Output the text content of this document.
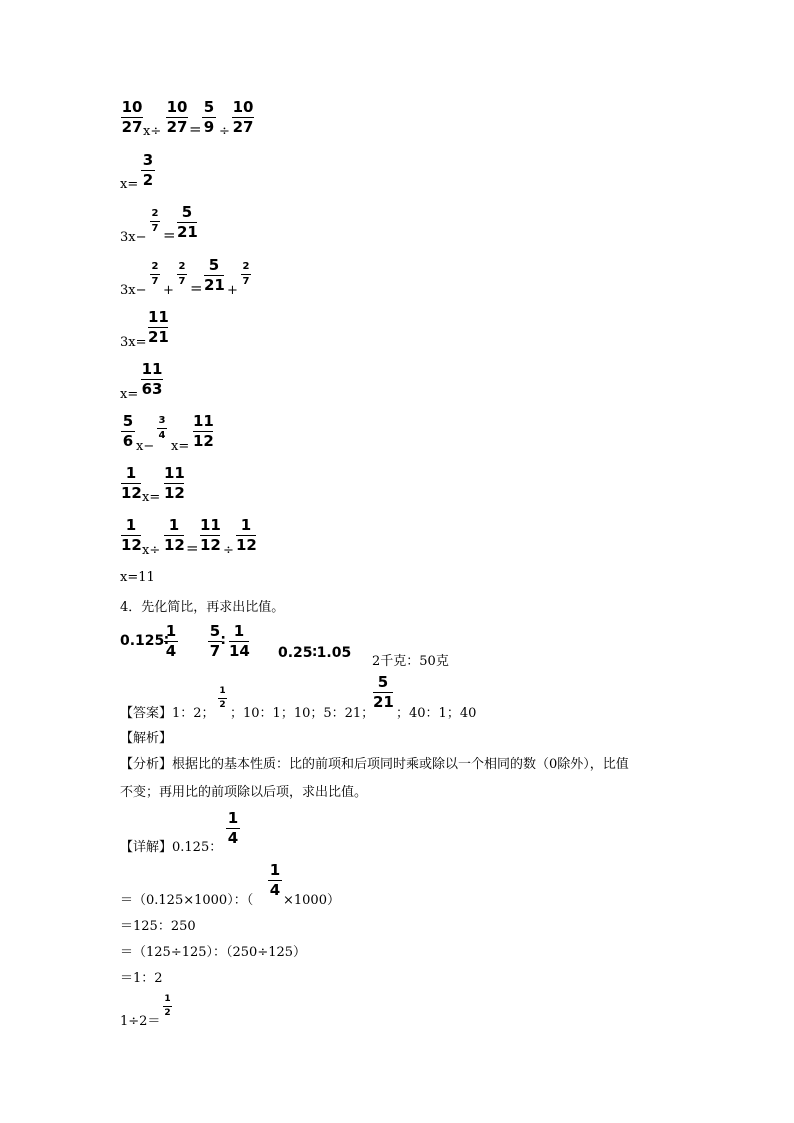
10
27 x÷
10
27 =
5
9 ÷
10
27
x=
3
2
3x−
2
7 =
5
21
3x−
2
7
+
2
7 =
5
21 +
2
7
3x=
11
21
x=
11
63
5
6 x−
3
4
x=
11
12
1
12 x=
11
12
1
12 x÷
1
12 =
11
12 ÷
1
12
x=11
4．先化简比，再求出比值。
0.125∶
1
4
5
7
∶
1
14 0.25∶1.05
2千克：50克
【答案】 1：2；
1
2
；10：1；10；5：21；
5
21
；40：1；40
【解析】
【分析】根据比的基本性质：比的前项和后项同时乘或除以一个相同的数（0除外），比值
不变；再用比的前项除以后项，求出比值。
【详解】 0.125：
1
4
＝（0.125×1000）：（
1
4
×1000）
＝125：250
＝（125÷125）：（250÷125）
＝1：2
1÷2＝
1
2
